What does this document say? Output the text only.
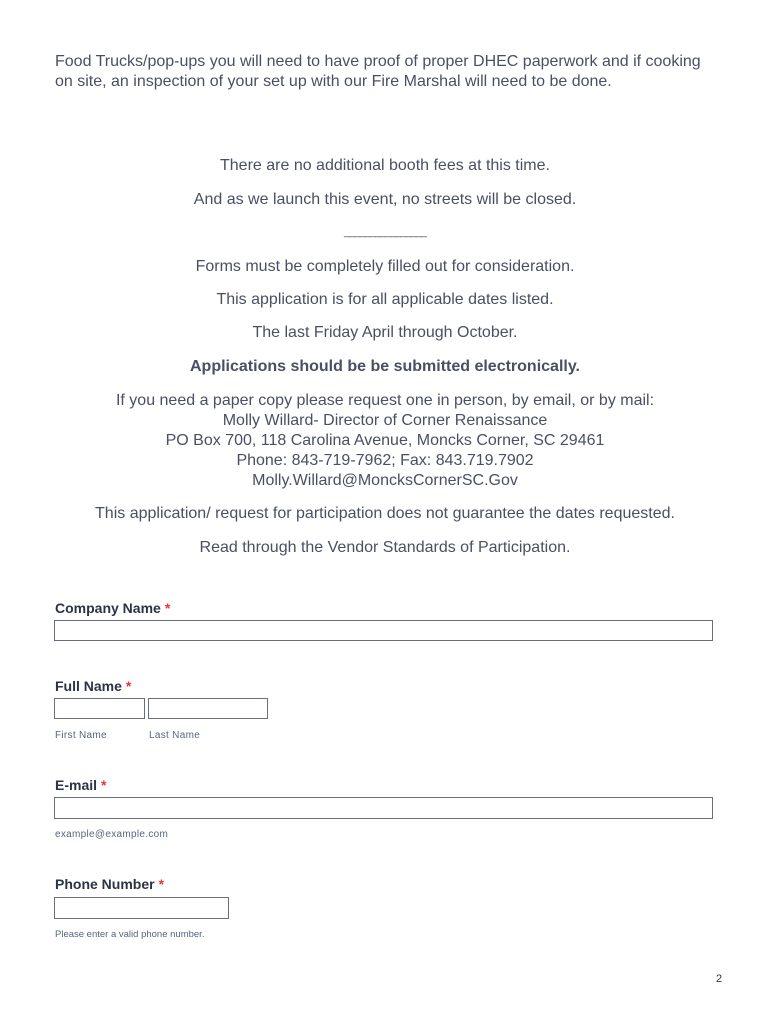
Food Trucks/pop-ups you will need to have proof of proper DHEC paperwork and if cooking on site, an inspection of your set up with our Fire Marshal will need to be done.

There are no additional booth fees at this time.

And as we launch this event, no streets will be closed.

________________

Forms must be completely filled out for consideration.

This application is for all applicable dates listed.

The last Friday April through October.

Applications should be be submitted electronically.

If you need a paper copy please request one in person, by email, or by mail:

Molly Willard- Director of Corner Renaissance

PO Box 700, 118 Carolina Avenue, Moncks Corner, SC 29461

Phone: 843-719-7962; Fax: 843.719.7902

Molly.Willard@MoncksCornerSC.Gov

This application/ request for participation does not guarantee the dates requested.

Read through the Vendor Standards of Participation.

Company Name *

Full Name *

First Name	Last Name

E-mail *

example@example.com

Phone Number *

Please enter a valid phone number.

2
